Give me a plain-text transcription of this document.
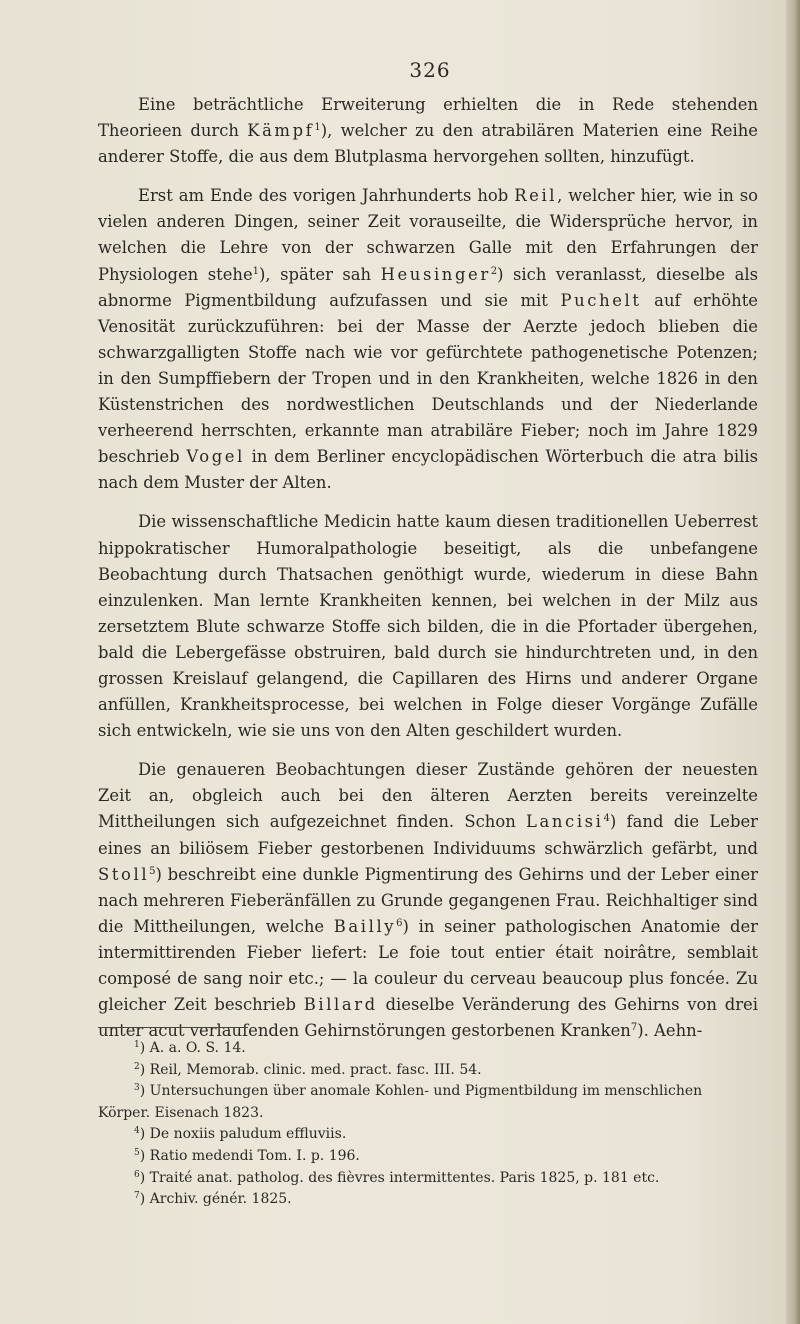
326

Eine beträchtliche Erweiterung erhielten die in Rede stehenden Theorieen durch Kämpf$^1$), welcher zu den atrabilären Materien eine Reihe anderer Stoffe, die aus dem Blutplasma hervorgehen sollten, hinzufügt.

Erst am Ende des vorigen Jahrhunderts hob Reil, welcher hier, wie in so vielen anderen Dingen, seiner Zeit vorauseilte, die Widersprüche hervor, in welchen die Lehre von der schwarzen Galle mit den Erfahrungen der Physiologen stehe$^1$), später sah Heusinger$^2$) sich veranlasst, dieselbe als abnorme Pigmentbildung aufzufassen und sie mit Puchelt auf erhöhte Venosität zurückzuführen: bei der Masse der Aerzte jedoch blieben die schwarzgalligten Stoffe nach wie vor gefürchtete pathogenetische Potenzen; in den Sumpffiebern der Tropen und in den Krankheiten, welche 1826 in den Küstenstrichen des nordwestlichen Deutschlands und der Niederlande verheerend herrschten, erkannte man atrabiläre Fieber; noch im Jahre 1829 beschrieb Vogel in dem Berliner encyclopädischen Wörterbuch die atra bilis nach dem Muster der Alten.

Die wissenschaftliche Medicin hatte kaum diesen traditionellen Ueberrest hippokratischer Humoralpathologie beseitigt, als die unbefangene Beobachtung durch Thatsachen genöthigt wurde, wiederum in diese Bahn einzulenken. Man lernte Krankheiten kennen, bei welchen in der Milz aus zersetztem Blute schwarze Stoffe sich bilden, die in die Pfortader übergehen, bald die Lebergefässe obstruiren, bald durch sie hindurchtreten und, in den grossen Kreislauf gelangend, die Capillaren des Hirns und anderer Organe anfüllen, Krankheitsprocesse, bei welchen in Folge dieser Vorgänge Zufälle sich entwickeln, wie sie uns von den Alten geschildert wurden.

Die genaueren Beobachtungen dieser Zustände gehören der neuesten Zeit an, obgleich auch bei den älteren Aerzten bereits vereinzelte Mittheilungen sich aufgezeichnet finden. Schon Lancisi$^4$) fand die Leber eines an biliösem Fieber gestorbenen Individuums schwärzlich gefärbt, und Stoll$^5$) beschreibt eine dunkle Pigmentirung des Gehirns und der Leber einer nach mehreren Fieberänfällen zu Grunde gegangenen Frau. Reichhaltiger sind die Mittheilungen, welche Bailly$^6$) in seiner pathologischen Anatomie der intermittirenden Fieber liefert: Le foie tout entier était noirâtre, semblait composé de sang noir etc.; — la couleur du cerveau beaucoup plus foncée. Zu gleicher Zeit beschrieb Billard dieselbe Veränderung des Gehirns von drei unter acut verlaufenden Gehirnstörungen gestorbenen Kranken$^7$). Aehn-

$^1$) A. a. O. S. 14.

$^2$) Reil, Memorab. clinic. med. pract. fasc. III. 54.

$^3$) Untersuchungen über anomale Kohlen- und Pigmentbildung im menschlichen Körper. Eisenach 1823.

$^4$) De noxiis paludum effluviis.

$^5$) Ratio medendi Tom. I. p. 196.

$^6$) Traité anat. patholog. des fièvres intermittentes. Paris 1825, p. 181 etc.

$^7$) Archiv. génér. 1825.
